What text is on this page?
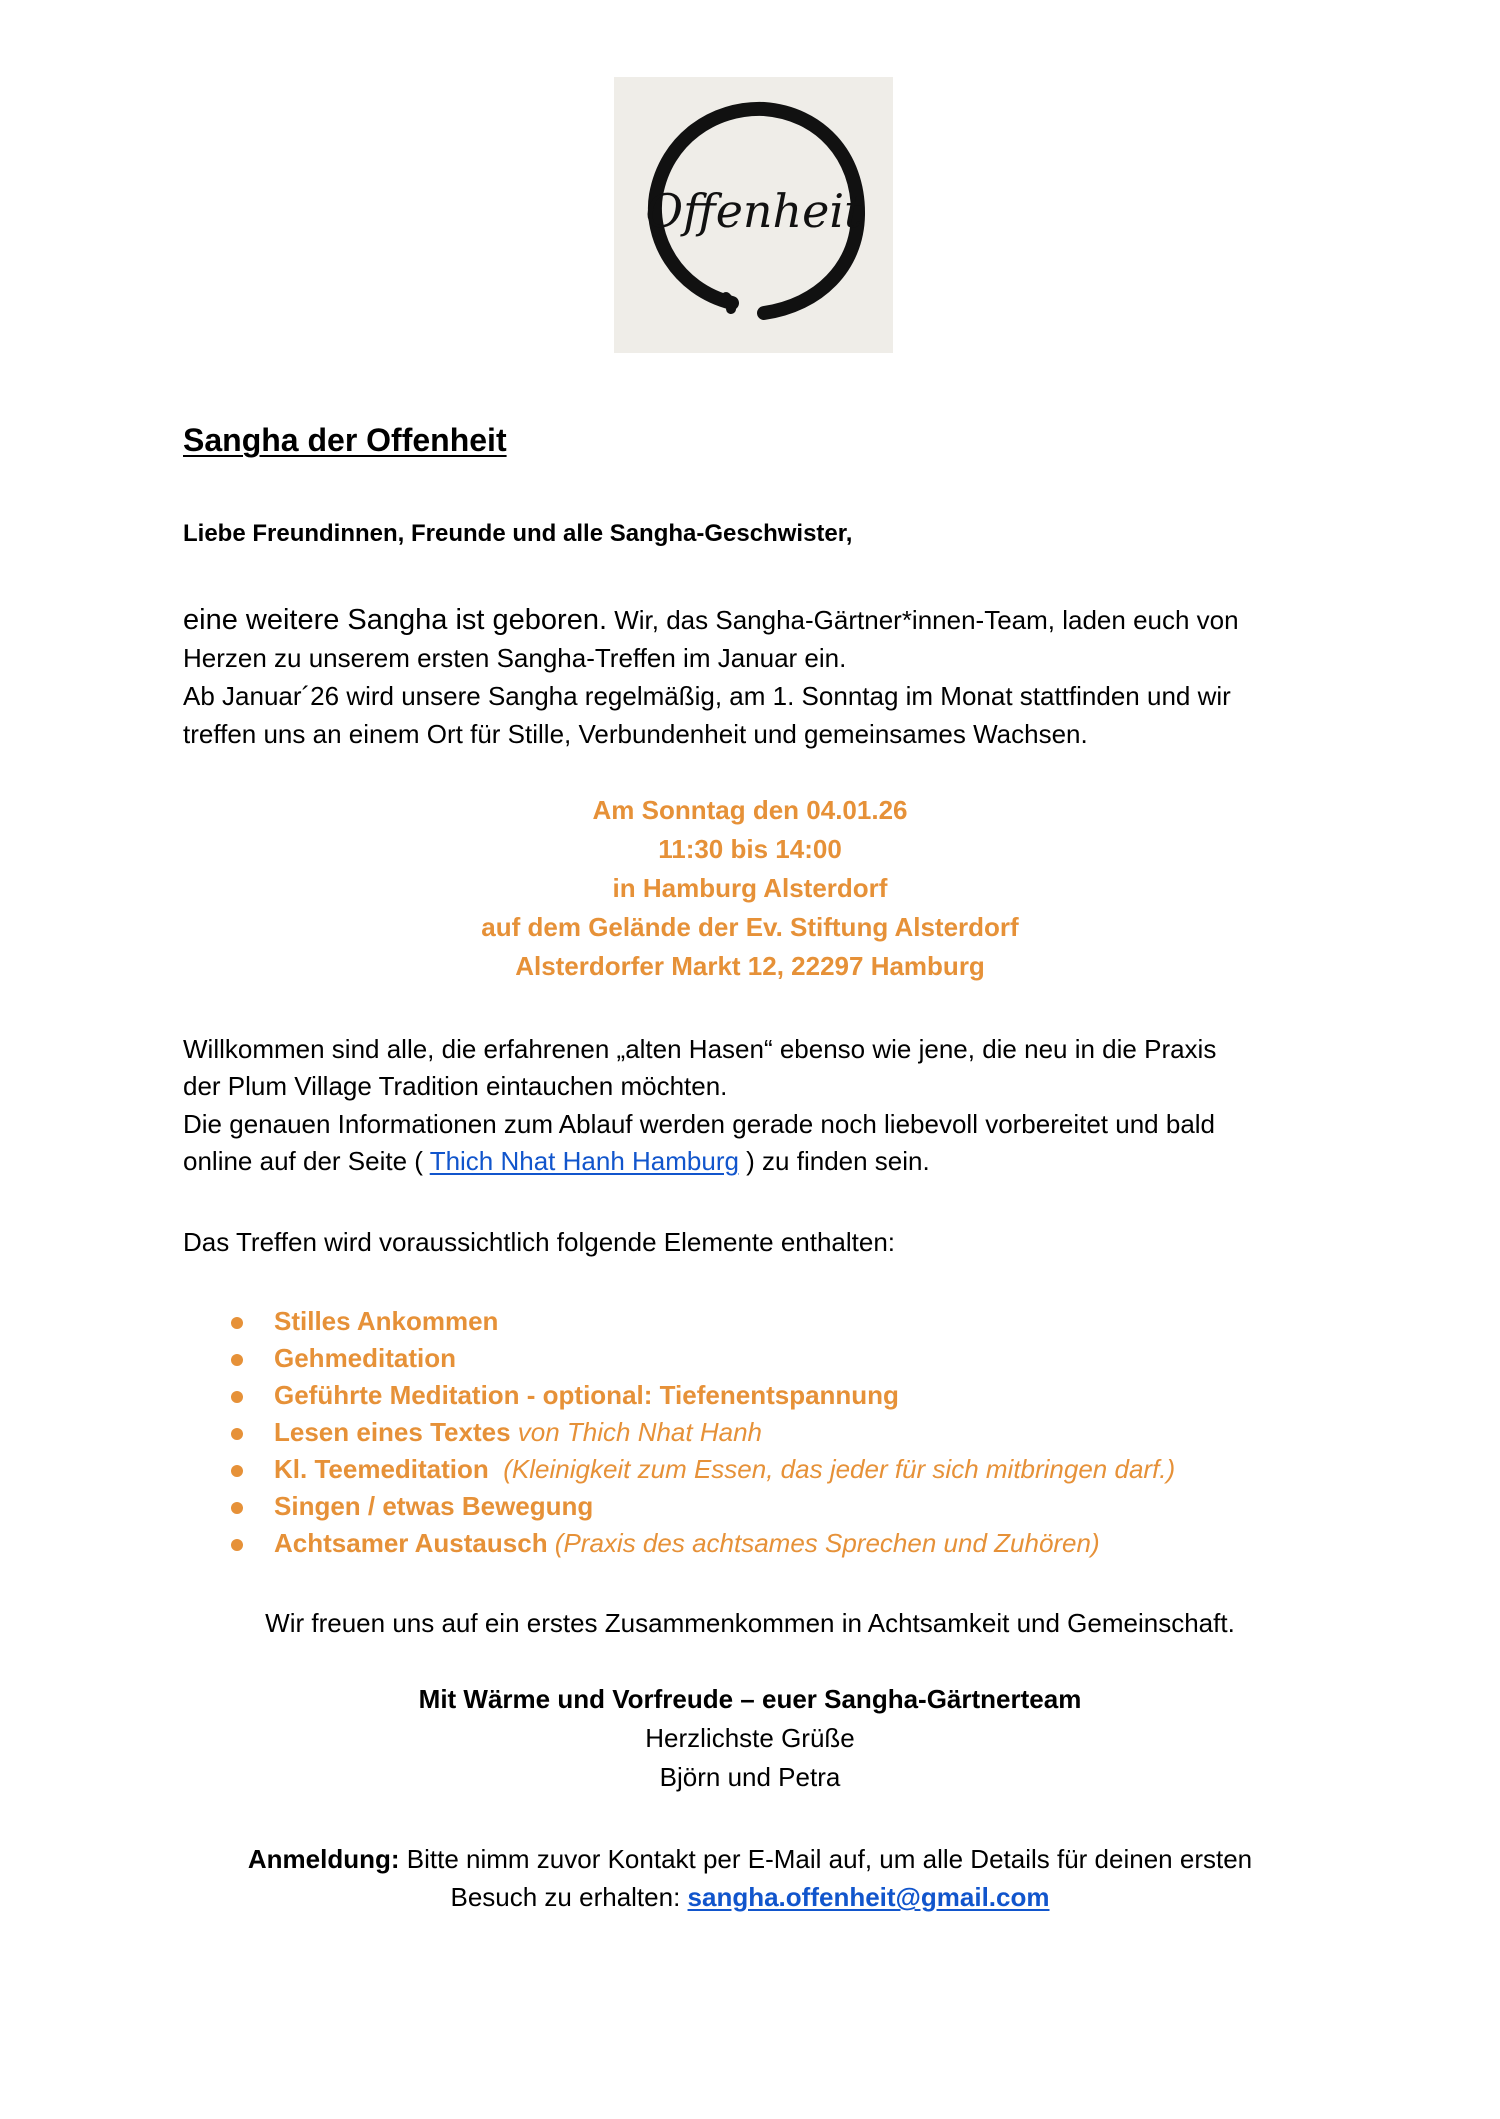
Offenheit
Sangha der Offenheit
Liebe Freundinnen, Freunde und alle Sangha-Geschwister,
eine weitere Sangha ist geboren. Wir, das Sangha-Gärtner*innen-Team, laden euch von
Herzen zu unserem ersten Sangha-Treffen im Januar ein.
Ab Januar´26 wird unsere Sangha regelmäßig, am 1. Sonntag im Monat stattfinden und wir
treffen uns an einem Ort für Stille, Verbundenheit und gemeinsames Wachsen.
Am Sonntag den 04.01.26
11:30 bis 14:00
in Hamburg Alsterdorf
auf dem Gelände der Ev. Stiftung Alsterdorf
Alsterdorfer Markt 12, 22297 Hamburg
Willkommen sind alle, die erfahrenen „alten Hasen“ ebenso wie jene, die neu in die Praxis
der Plum Village Tradition eintauchen möchten.
Die genauen Informationen zum Ablauf werden gerade noch liebevoll vorbereitet und bald
online auf der Seite ( Thich Nhat Hanh Hamburg ) zu finden sein.
Das Treffen wird voraussichtlich folgende Elemente enthalten:
Stilles Ankommen
Gehmeditation
Geführte Meditation - optional: Tiefenentspannung
Lesen eines Textes von Thich Nhat Hanh
Kl. Teemeditation  (Kleinigkeit zum Essen, das jeder für sich mitbringen darf.)
Singen / etwas Bewegung
Achtsamer Austausch (Praxis des achtsames Sprechen und Zuhören)
Wir freuen uns auf ein erstes Zusammenkommen in Achtsamkeit und Gemeinschaft.
Mit Wärme und Vorfreude – euer Sangha-Gärtnerteam
Herzlichste Grüße
Björn und Petra
Anmeldung: Bitte nimm zuvor Kontakt per E-Mail auf, um alle Details für deinen ersten
Besuch zu erhalten: sangha.offenheit@gmail.com
